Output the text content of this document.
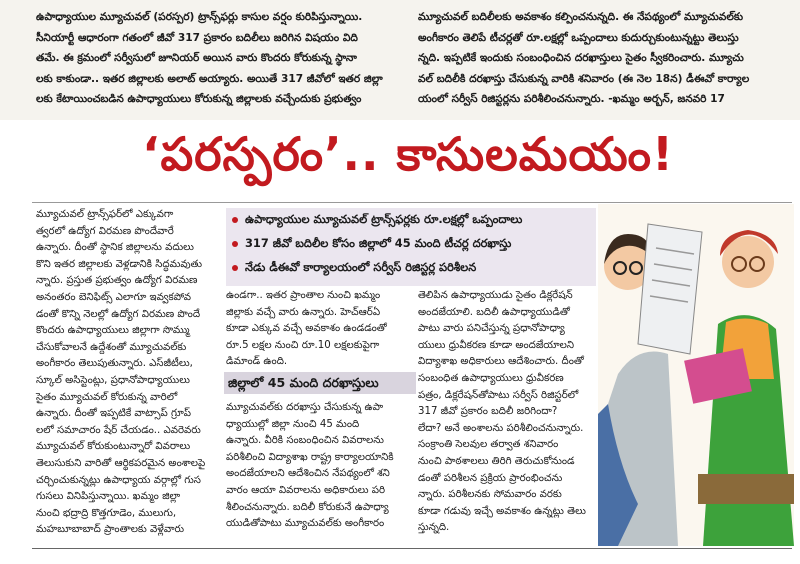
ఉపాధ్యాయుల మ్యూచువల్ (పరస్పర) ట్రాన్స్‌ఫర్లు కాసుల వర్షం కురిపిస్తున్నాయి.

సీనియార్టీ ఆధారంగా గతంలో జీవో 317 ప్రకారం బదిలీలు జరిగిన విషయం విది

తమే. ఈ క్రమంలో సర్వీసులో జూనియర్ అయిన వారు కొందరు కోరుకున్న స్థానా

లకు కాకుండా.. ఇతర జిల్లాలకు అలాట్ అయ్యారు. అయితే 317 జీవోలో ఇతర జిల్లా

లకు కేటాయించబడిన ఉపాధ్యాయులు కోరుకున్న జిల్లాలకు వచ్చేందుకు ప్రభుత్వం

మ్యూచువల్ బదిలీలకు అవకాశం కల్పించనున్నది. ఈ నేపథ్యంలో మ్యూచువల్‌కు

అంగీకారం తెలిపే టీచర్లతో రూ.లక్షల్లో ఒప్పందాలు కుదుర్చుకుంటున్నట్టు తెలుస్తు

న్నది. ఇప్పటికే ఇందుకు సంబంధించిన దరఖాస్తులు సైతం స్వీకరించారు. మ్యూచు

వల్ బదిలీకి దరఖాస్తు చేసుకున్న వారికి శనివారం (ఈ నెల 18న) డీఈవో కార్యాల

యంలో సర్వీస్ రిజిస్టర్లను పరిశీలించనున్నారు. -ఖమ్మం అర్బన్, జనవరి 17

‘పరస్పరం’.. కాసులమయం!

మ్యూచువల్ ట్రాన్స్‌ఫర్‌లో ఎక్కువగా

త్వరలో ఉద్యోగ విరమణ పొందేవారే

ఉన్నారు. దీంతో స్థానిక జిల్లాలను వదులు

కొని ఇతర జిల్లాలకు వెళ్లడానికి సిద్ధమవుతు

న్నారు. ప్రస్తుత ప్రభుత్వం ఉద్యోగ విరమణ

అనంతరం బెనిఫిట్స్ ఎలాగూ ఇవ్వకపోవ

డంతో కొన్ని నెలల్లో ఉద్యోగ విరమణ పొందే

కొందరు ఉపాధ్యాయులు జిల్లాగా సొమ్ము

చేసుకోవాలనే ఉద్దేశంతో మ్యూచువల్‌కు

అంగీకారం తెలుపుతున్నారు. ఎస్‌జీటీలు,

స్కూల్ అసిస్టెంట్లు, ప్రధానోపాధ్యాయులు

సైతం మ్యూచువల్ కోరుకున్న వారిలో

ఉన్నారు. దీంతో ఇప్పటికే వాట్సాప్ గ్రూప్

లలో సమాచారం షేర్ చేయడం.. ఎవరెవరు

మ్యూచువల్ కోరుకుంటున్నారో వివరాలు

తెలుసుకుని వారితో ఆర్థికపరమైన అంశాలపై

చర్చించుకున్నట్లు ఉపాధ్యాయ వర్గాల్లో గుస

గుసలు వినిపిస్తున్నాయి. ఖమ్మం జిల్లా

నుంచి భద్రాద్రి కొత్తగూడెం, ములుగు,

మహబూబాబాద్ ప్రాంతాలకు వెళ్లేవారు

ఉపాధ్యాయుల మ్యూచువల్ ట్రాన్స్‌ఫర్లకు రూ.లక్షల్లో ఒప్పందాలు
317 జీవో బదిలీల కోసం జిల్లాలో 45 మంది టీచర్ల దరఖాస్తు
నేడు డీఈవో కార్యాలయంలో సర్వీస్ రిజిస్టర్ల పరిశీలన

ఉండగా.. ఇతర ప్రాంతాల నుంచి ఖమ్మం

జిల్లాకు వచ్చే వారు ఉన్నారు. హెచ్‌ఆర్‌ఏ

కూడా ఎక్కువ వచ్చే అవకాశం ఉండడంతో

రూ.5 లక్షల నుంచి రూ.10 లక్షలకుపైగా

డిమాండ్ ఉంది.

జిల్లాలో 45 మంది దరఖాస్తులు

మ్యూచువల్‌కు దరఖాస్తు చేసుకున్న ఉపా

ధ్యాయుల్లో జిల్లా నుంచి 45 మంది

ఉన్నారు. వీరికి సంబంధించిన వివరాలను

పరిశీలించి విద్యాశాఖ రాష్ట్ర కార్యాలయానికి

అందజేయాలని ఆదేశించిన నేపథ్యంలో శని

వారం ఆయా వివరాలను అధికారులు పరి

శీలించనున్నారు. బదిలీ కోరుకునే ఉపాధ్యా

యుడితోపాటు మ్యూచువల్‌కు అంగీకారం

తెలిపిన ఉపాధ్యాయుడు సైతం డిక్లరేషన్

అందజేయాలి. బదిలీ ఉపాధ్యాయుడితో

పాటు వారు పనిచేస్తున్న ప్రధానోపాధ్యా

యులు ధ్రువీకరణ కూడా అందజేయాలని

విద్యాశాఖ అధికారులు ఆదేశించారు. దీంతో

సంబంధిత ఉపాధ్యాయులు ధ్రువీకరణ

పత్రం, డిక్లరేషన్‌తోపాటు సర్వీస్ రిజిస్టర్‌లో

317 జీవో ప్రకారం బదిలీ జరిగిందా?

లేదా? అనే అంశాలను పరిశీలించనున్నారు.

సంక్రాంతి సెలవుల తర్వాత శనివారం

నుంచి పాఠశాలలు తిరిగి తెరుచుకోనుండ

డంతో పరిశీలన ప్రక్రియ ప్రారంభించను

న్నారు. పరిశీలనకు సోమవారం వరకు

కూడా గడువు ఇచ్చే అవకాశం ఉన్నట్లు తెలు

స్తున్నది.
